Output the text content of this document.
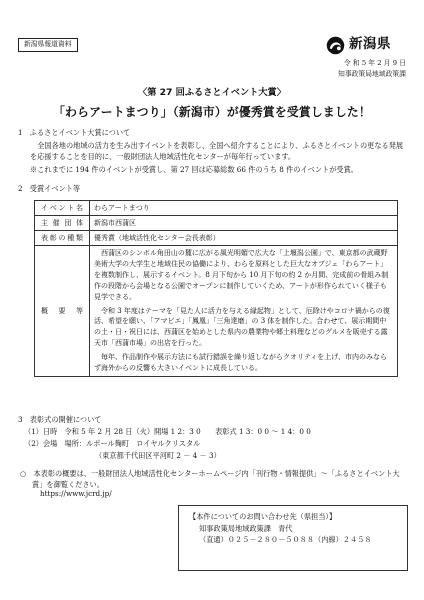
新潟県報道資料	新潟県
令 和 5 年 2 月 9 日
知事政策局地域政策課
〈第 27 回ふるさとイベント大賞〉
「わらアートまつり」（新潟市）が優秀賞を受賞しました！
1　ふるさとイベント大賞について
全国各地の地域の活力を生み出すイベントを表彰し、全国へ紹介することにより、ふるさとイベントの更なる発展を応援することを目的に、一般財団法人地域活性化センターが毎年行っています。
※これまでに 194 件のイベントが受賞し、第 27 回は応募総数 66 件のうち 8 件のイベントが受賞。
2　受賞イベント等
イベント名	わらアートまつり
主催団体	新潟市西蒲区
表彰の種類	優秀賞（地域活性化センター会長表彰）
概　要　等	西蒲区のシンボル角田山の麓に広がる風光明媚で広大な「上堰潟公園」で、東京都の武蔵野美術大学の大学生と地域住民の協働により、わらを原料とした巨大なオブジェ「わらアート」を複数制作し、展示するイベント。8 月下旬から 10 月下旬の約 2 か月間、完成前の骨組み制作の段階から会場となる公園でオープンに制作していくため、アートが形作られていく様子も見学できる。

令和 3 年度はテーマを「見た人に活力を与える縁起物」として、厄除けやコロナ禍からの復活、希望を願い、「アマビエ」「鳳凰」「三角達磨」の 3 体を制作した。合わせて、展示期間中の土・日・祝日には、西蒲区を始めとした県内の農業物や郷土料理などのグルメを販売する露天市「西蒲市場」の出店を行った。

毎年、作品制作や展示方法にも試行錯誤を繰り返しながらクオリティを上げ、市内のみならず海外からの反響も大きいイベントに成長している。

3　表彰式の開催について
（1）日時　令和 5 年 2 月 28 日（火）開場 1 2：3 0　　表彰式 1 3：0 0 ～ 1 4：0 0
（2）会場　場所：ルポール麹町　ロイヤルクリスタル
（東京都千代田区平河町 2 － 4 － 3）
○　本表彰の概要は、一般財団法人地域活性化センターホームページ内「刊行物・情報提供」～「ふるさとイベント大賞」を御覧ください。
https://www.jcrd.jp/
【本件についてのお問い合わせ先（県担当）】
知事政策局地域政策課　青代
（直通）０２５－２８０－５０８８（内線）２４５８
